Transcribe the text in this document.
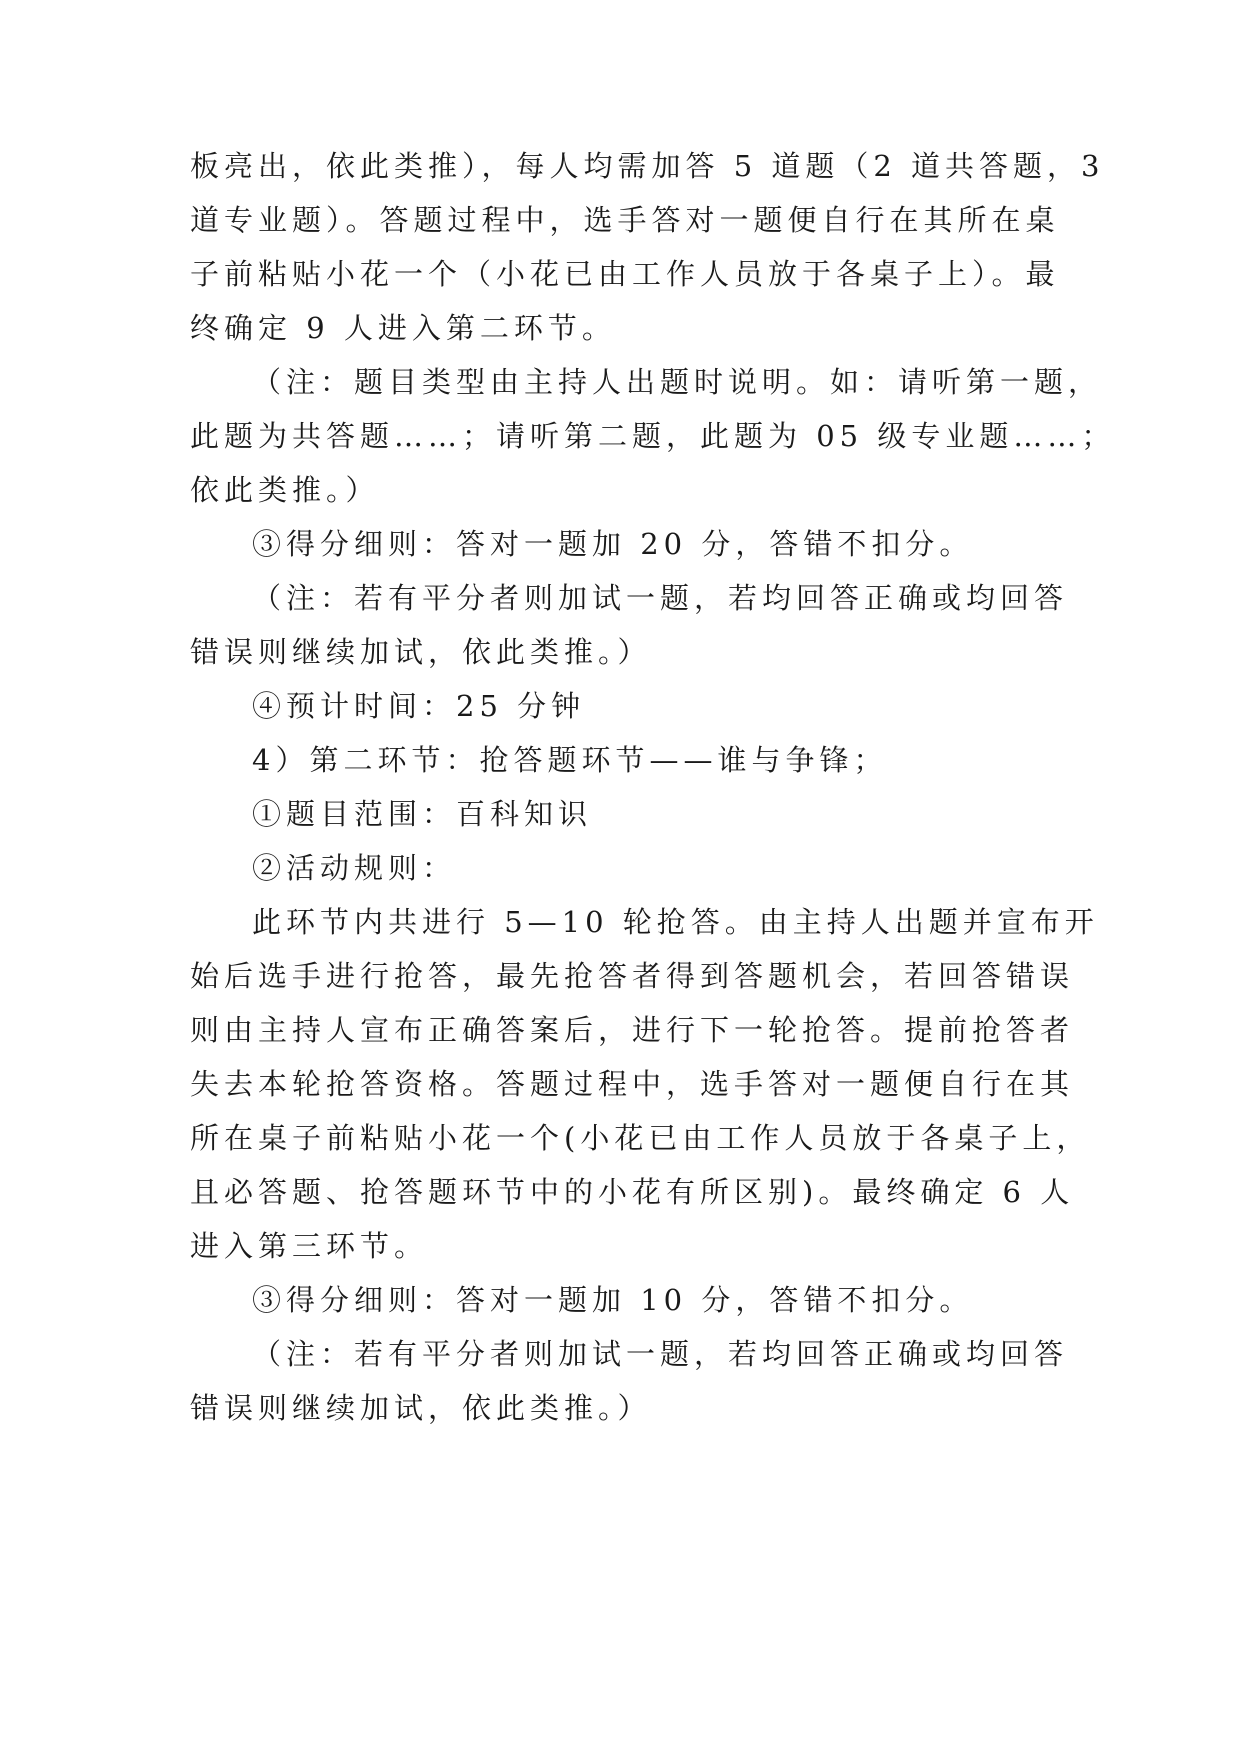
板亮出，依此类推），每人均需加答 5 道题（2 道共答题，3
道专业题）。答题过程中，选手答对一题便自行在其所在桌
子前粘贴小花一个（小花已由工作人员放于各桌子上）。最
终确定 9 人进入第二环节。
（注：题目类型由主持人出题时说明。如：请听第一题，
此题为共答题……；请听第二题，此题为 05 级专业题……；
依此类推。）
③得分细则：答对一题加 20 分，答错不扣分。
（注：若有平分者则加试一题，若均回答正确或均回答
错误则继续加试，依此类推。）
④预计时间：25 分钟
4）第二环节：抢答题环节——谁与争锋；
①题目范围：百科知识
②活动规则：
此环节内共进行 5—10 轮抢答。由主持人出题并宣布开
始后选手进行抢答，最先抢答者得到答题机会，若回答错误
则由主持人宣布正确答案后，进行下一轮抢答。提前抢答者
失去本轮抢答资格。答题过程中，选手答对一题便自行在其
所在桌子前粘贴小花一个(小花已由工作人员放于各桌子上，
且必答题、抢答题环节中的小花有所区别)。最终确定 6 人
进入第三环节。
③得分细则：答对一题加 10 分，答错不扣分。
（注：若有平分者则加试一题，若均回答正确或均回答
错误则继续加试，依此类推。）
